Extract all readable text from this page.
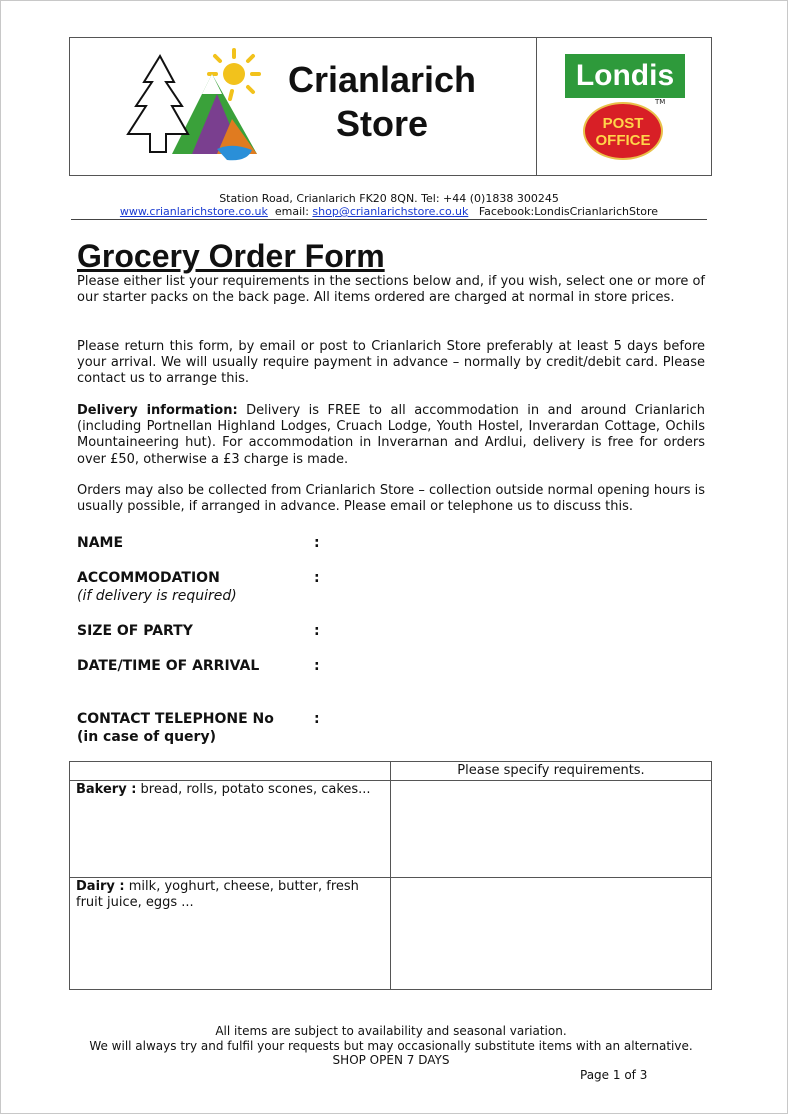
Crianlarich
Store
Londis
POST
OFFICE
TM
Station Road, Crianlarich FK20 8QN. Tel: +44 (0)1838 300245
www.crianlarichstore.co.uk email: shop@crianlarichstore.co.uk Facebook:LondisCrianlarichStore
Grocery Order Form
Please either list your requirements in the sections below and, if you wish, select one or more of our starter packs on the back page. All items ordered are charged at normal in store prices.
Please return this form, by email or post to Crianlarich Store preferably at least 5 days before your arrival. We will usually require payment in advance – normally by credit/debit card. Please contact us to arrange this.
Delivery information: Delivery is FREE to all accommodation in and around Crianlarich (including Portnellan Highland Lodges, Cruach Lodge, Youth Hostel, Inverardan Cottage, Ochils Mountaineering hut). For accommodation in Inverarnan and Ardlui, delivery is free for orders over £50, otherwise a £3 charge is made.
Orders may also be collected from Crianlarich Store – collection outside normal opening hours is usually possible, if arranged in advance. Please email or telephone us to discuss this.
NAME	:
ACCOMMODATION	:
(if delivery is required)
SIZE OF PARTY	:
DATE/TIME OF ARRIVAL	:
CONTACT TELEPHONE No	:
(in case of query)
	Please specify requirements.
Bakery : bread, rolls, potato scones, cakes...	
Dairy : milk, yoghurt, cheese, butter, fresh fruit juice, eggs ...	
All items are subject to availability and seasonal variation.
We will always try and fulfil your requests but may occasionally substitute items with an alternative.
SHOP OPEN 7 DAYS
Page 1 of 3
